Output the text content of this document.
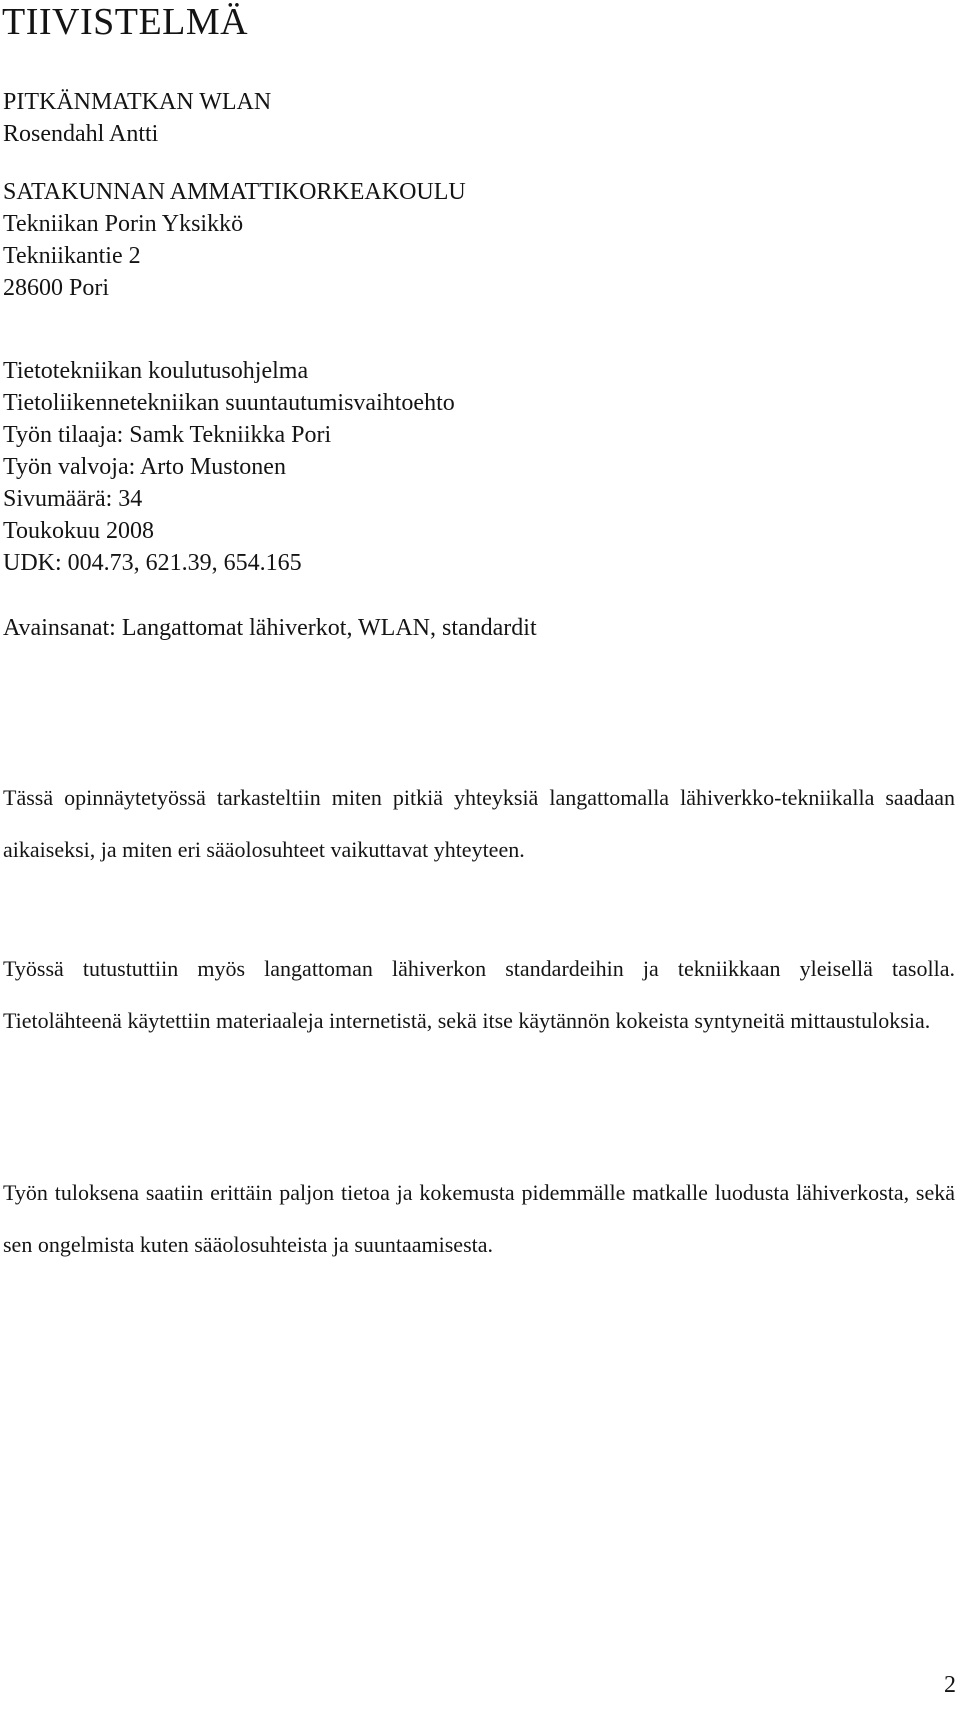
TIIVISTELMÄ
PITKÄNMATKAN WLAN
Rosendahl Antti
SATAKUNNAN AMMATTIKORKEAKOULU
Tekniikan Porin Yksikkö
Tekniikantie 2
28600 Pori
Tietotekniikan koulutusohjelma
Tietoliikennetekniikan suuntautumisvaihtoehto
Työn tilaaja: Samk Tekniikka Pori
Työn valvoja: Arto Mustonen
Sivumäärä: 34
Toukokuu 2008
UDK: 004.73, 621.39, 654.165
Avainsanat: Langattomat lähiverkot, WLAN, standardit

Tässä opinnäytetyössä tarkasteltiin miten pitkiä yhteyksiä langattomalla lähiverkko-tekniikalla saadaan aikaiseksi, ja miten eri sääolosuhteet vaikuttavat yhteyteen.

Työssä tutustuttiin myös langattoman lähiverkon standardeihin ja tekniikkaan yleisellä tasolla. Tietolähteenä käytettiin materiaaleja internetistä, sekä itse käytännön kokeista syntyneitä mittaustuloksia.

Työn tuloksena saatiin erittäin paljon tietoa ja kokemusta pidemmälle matkalle luodusta lähiverkosta, sekä sen ongelmista kuten sääolosuhteista ja suuntaamisesta.

2
